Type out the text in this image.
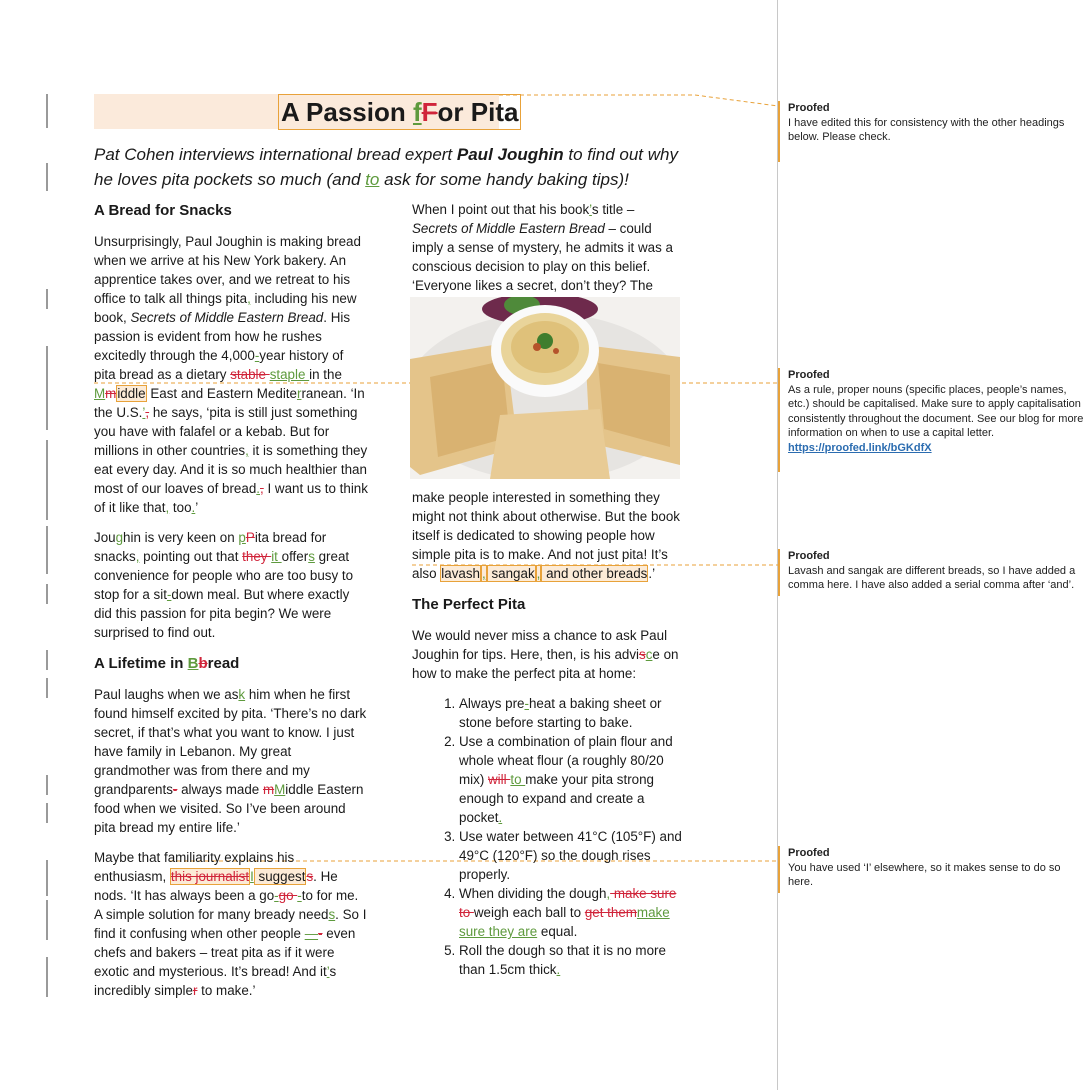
A Passion fFor Pita
Pat Cohen interviews international bread expert Paul Joughin to find out why he loves pita pockets so much (and to ask for some handy baking tips)!
A Bread for Snacks

Unsurprisingly, Paul Joughin is making bread when we arrive at his New York bakery. An apprentice takes over, and we retreat to his office to talk all things pita, including his new book, Secrets of Middle Eastern Bread. His passion is evident from how he rushes excitedly through the 4,000-year history of pita bread as a dietary stable staple in the Mmiddle East and Eastern Mediterranean. ‘In the U.S.’, he says, ‘pita is still just something you have with falafel or a kebab. But for millions in other countries, it is something they eat every day. And it is so much healthier than most of our loaves of bread., I want us to think of it like that, too.’

Joughin is very keen on pPita bread for snacks, pointing out that they it offers great convenience for people who are too busy to stop for a sit-down meal. But where exactly did this passion for pita begin? We were surprised to find out.

A Lifetime in Bbread

Paul laughs when we ask him when he first found himself excited by pita. ‘There’s no dark secret, if that’s what you want to know. I just have family in Lebanon. My great grandmother was from there and my grandparents- always made mMiddle Eastern food when we visited. So I’ve been around pita bread my entire life.’

Maybe that familiarity explains his enthusiasm, this journalistI suggests. He nods. ‘It has always been a go-go -to for me. A simple solution for many bready needs. So I find it confusing when other people —- even chefs and bakers – treat pita as if it were exotic and mysterious. It’s bread! And it’s incredibly simpler to make.’

When I point out that his book’s title – Secrets of Middle Eastern Bread – could imply a sense of mystery, he admits it was a conscious decision to play on this belief. ‘Everyone likes a secret, don’t they? The

make people interested in something they might not think about otherwise. But the book itself is dedicated to showing people how simple pita is to make. And not just pita! It’s also lavash , sangak , and other breads.’

The Perfect Pita

We would never miss a chance to ask Paul Joughin for tips. Here, then, is his advisce on how to make the perfect pita at home:

1. Always pre-heat a baking sheet or stone before starting to bake.
2. Use a combination of plain flour and whole wheat flour (a roughly 80/20 mix) will to make your pita strong enough to expand and create a pocket.
3. Use water between 41°C (105°F) and 49°C (120°F) so the dough rises properly.
4. When dividing the dough, make sure to weigh each ball to get themmake sure they are equal.
5. Roll the dough so that it is no more than 1.5cm thick.
Proofed
I have edited this for consistency with the other headings below. Please check.
Proofed
As a rule, proper nouns (specific places, people’s names, etc.) should be capitalised. Make sure to apply capitalisation consistently throughout the document. See our blog for more information on when to use a capital letter.
https://proofed.link/bGKdfX
Proofed
Lavash and sangak are different breads, so I have added a comma here. I have also added a serial comma after ‘and’.
Proofed
You have used ‘I’ elsewhere, so it makes sense to do so here.
